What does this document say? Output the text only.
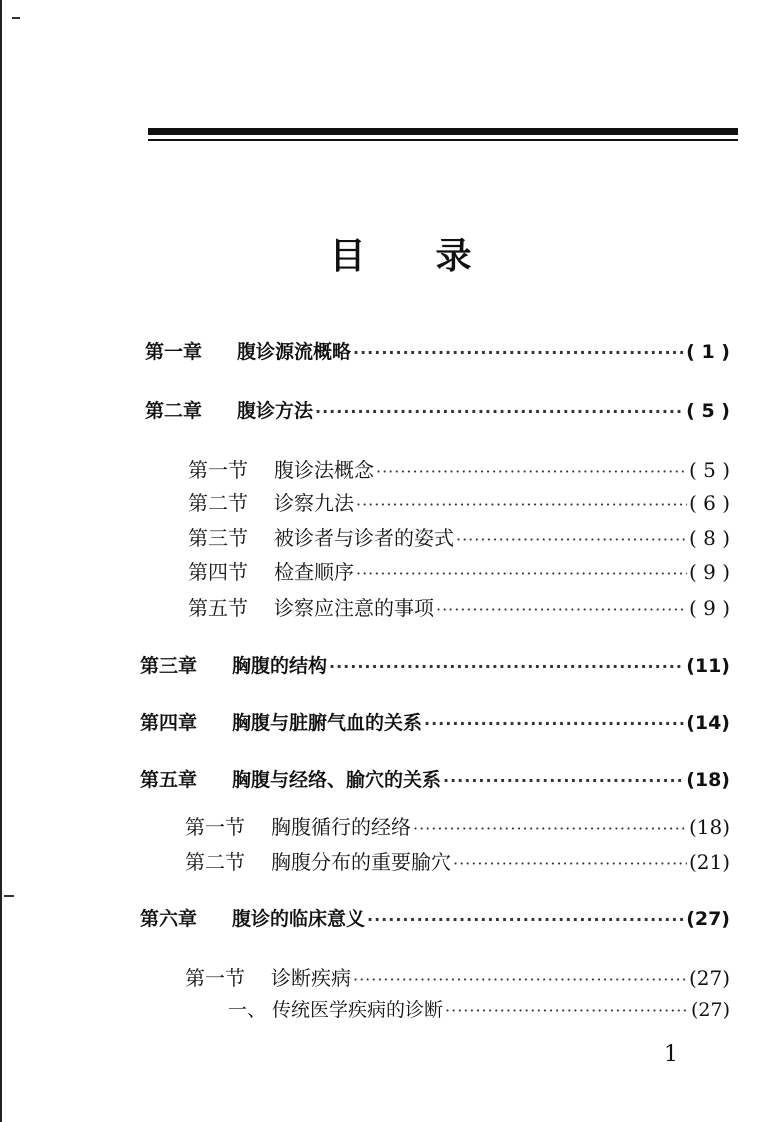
目 录
第一章	腹诊源流概略 ·····	( 1 )
第二章	腹诊方法 ·····	( 5 )
第一节	腹诊法概念 ·····	( 5 )
第二节	诊察九法 ·····	( 6 )
第三节	被诊者与诊者的姿式 ·····	( 8 )
第四节	检查顺序 ·····	( 9 )
第五节	诊察应注意的事项 ·····	( 9 )
第三章	胸腹的结构 ·····	(11)
第四章	胸腹与脏腑气血的关系 ·····	(14)
第五章	胸腹与经络、腧穴的关系 ·····	(18)
第一节	胸腹循行的经络 ·····	(18)
第二节	胸腹分布的重要腧穴 ·····	(21)
第六章	腹诊的临床意义 ·····	(27)
第一节	诊断疾病 ·····	(27)
一、 传统医学疾病的诊断 ·····	(27)
1
